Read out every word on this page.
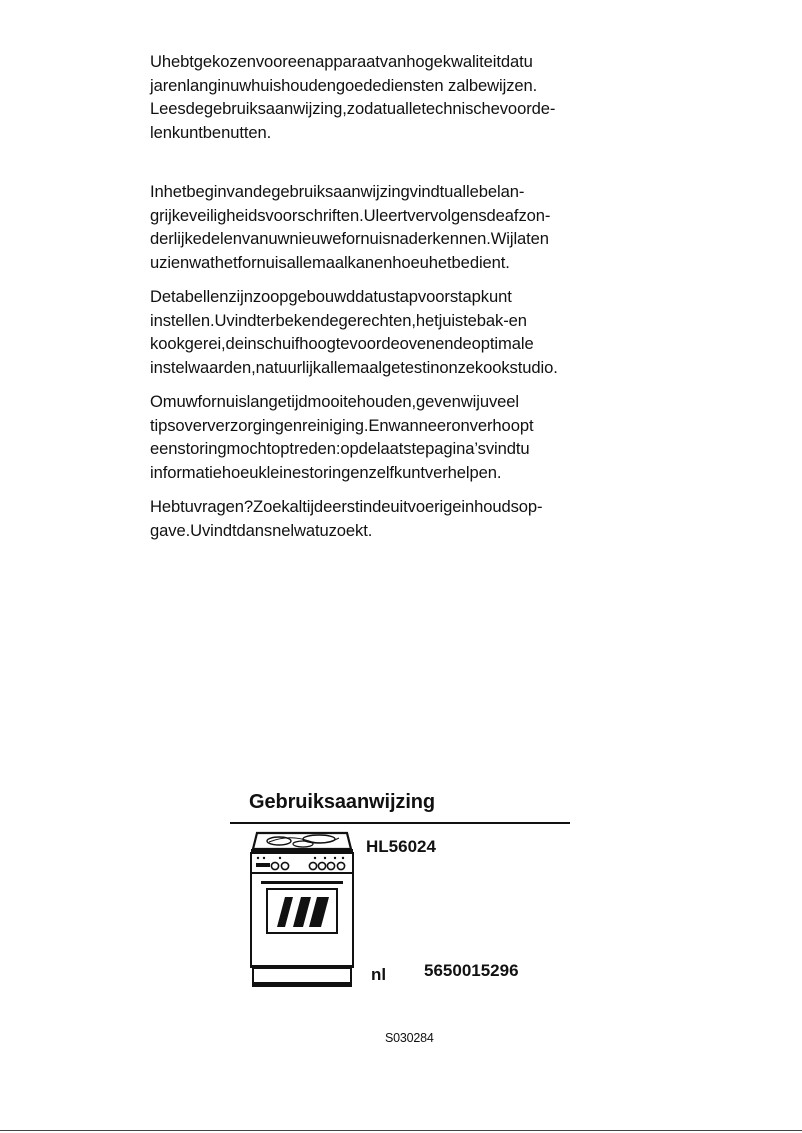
Uhebtgekozenvooreenapparaatvanhogekwaliteitdatu
jarenlanginuwhuishoudengoedediensten zalbewijzen.
Leesdegebruiksaanwijzing,zodatualletechnischevoorde-
lenkuntbenutten.

Inhetbeginvandegebruiksaanwijzingvindtuallebelan-
grijkeveiligheidsvoorschriften.Uleertvervolgensdeafzon-
derlijkedelenvanuwnieuwefornuisnaderkennen.Wijlaten
uzienwathetfornuisallemaalkanenhoeuhetbedient.

Detabellenzijnzoopgebouwddatustapvoorstapkunt
instellen.Uvindterbekendegerechten,hetjuistebak-en
kookgerei,deinschuifhoogtevoordeovenendeoptimale
instelwaarden,natuurlijkallemaalgetestinonzekookstudio.

Omuwfornuislangetijdmooitehouden,gevenwijuveel
tipsoververzorgingenreiniging.Enwanneeronverhoopt
eenstoringmochtoptreden:opdelaatstepagina’svindtu
informatiehoeukleinestoringenzelfkuntverhelpen.

Hebtuvragen?Zoekaltijdeerstindeuitvoerigeinhoudsop-
gave.Uvindtdansnelwatuzoekt.

Gebruiksaanwijzing
HL56024
nl 5650015296
S030284
